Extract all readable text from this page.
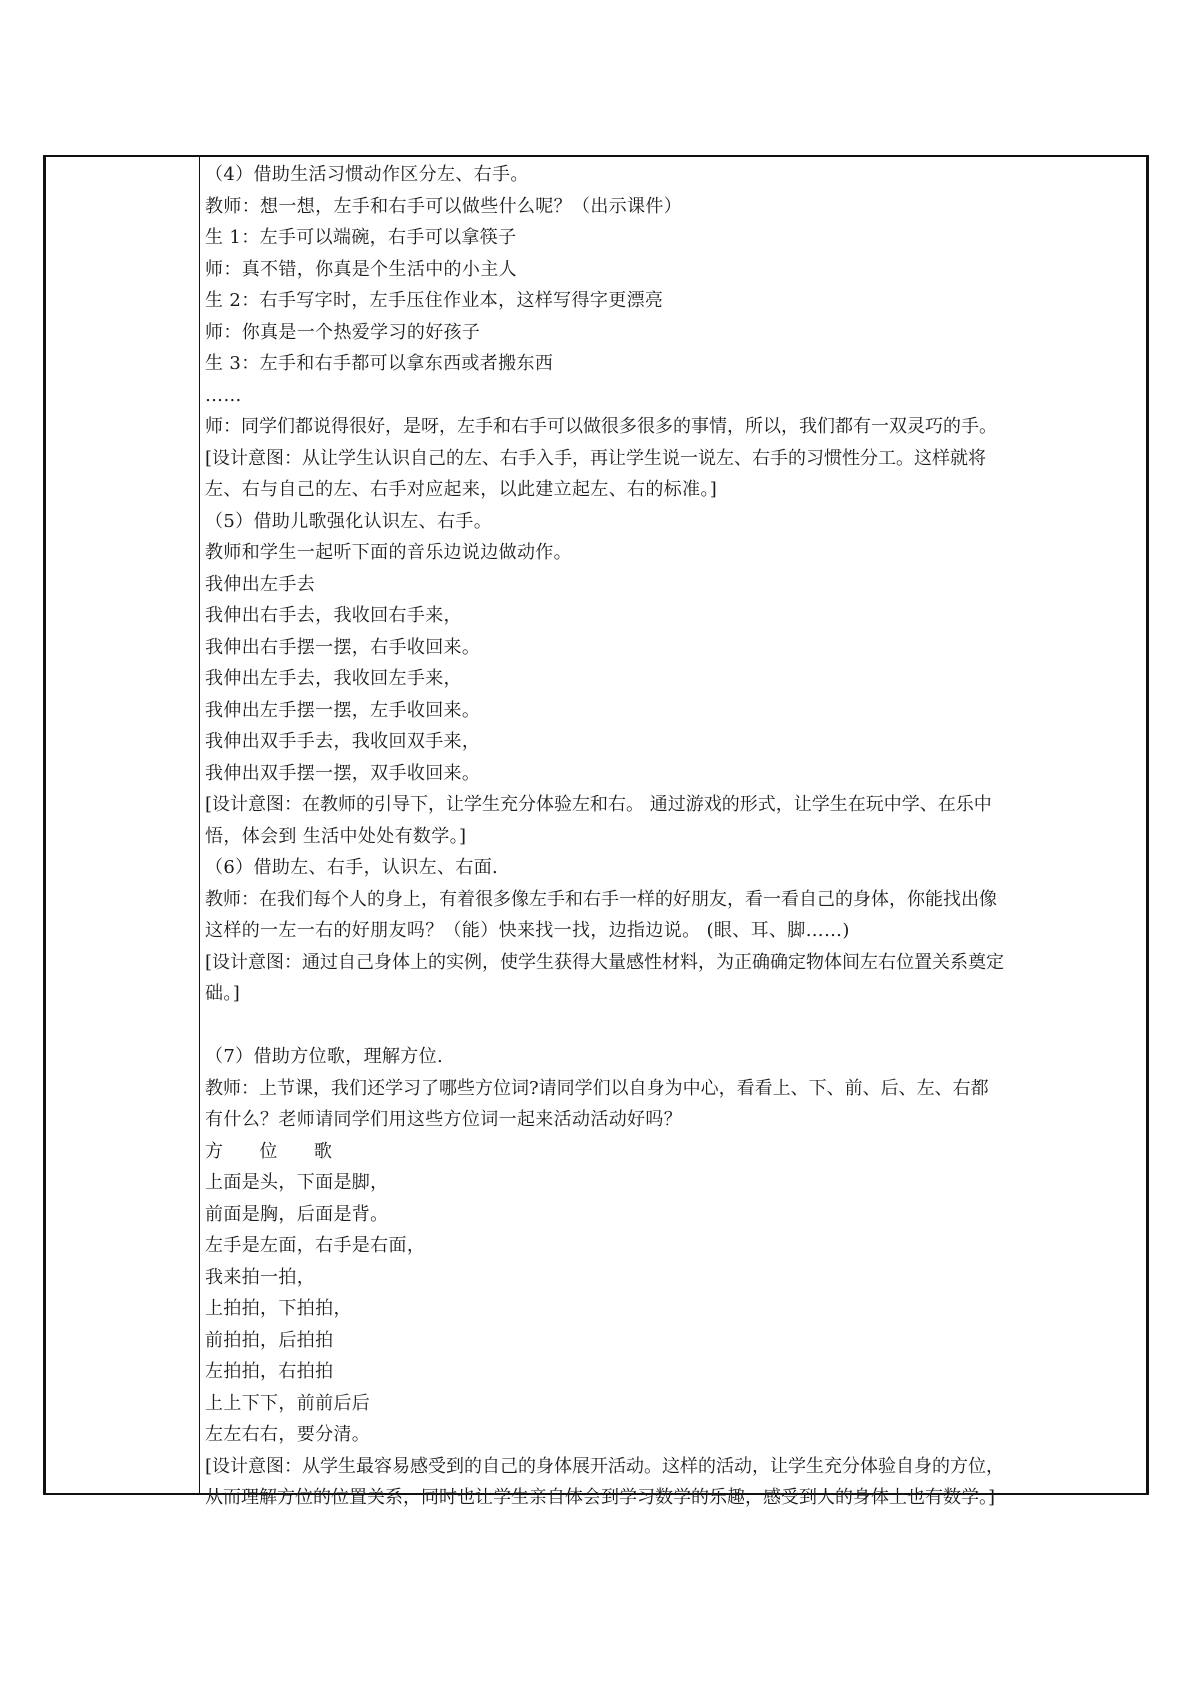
（4）借助生活习惯动作区分左、右手。
教师：想一想，左手和右手可以做些什么呢？（出示课件）
生 1：左手可以端碗，右手可以拿筷子
师：真不错，你真是个生活中的小主人
生 2：右手写字时，左手压住作业本，这样写得字更漂亮
师：你真是一个热爱学习的好孩子
生 3：左手和右手都可以拿东西或者搬东西
……
师：同学们都说得很好，是呀，左手和右手可以做很多很多的事情，所以，我们都有一双灵巧的手。
[设计意图：从让学生认识自己的左、右手入手，再让学生说一说左、右手的习惯性分工。这样就将
左、右与自己的左、右手对应起来，以此建立起左、右的标准。]
（5）借助儿歌强化认识左、右手。
教师和学生一起听下面的音乐边说边做动作。
我伸出左手去
我伸出右手去，我收回右手来，
我伸出右手摆一摆，右手收回来。
我伸出左手去，我收回左手来，
我伸出左手摆一摆，左手收回来。
我伸出双手手去，我收回双手来，
我伸出双手摆一摆，双手收回来。
[设计意图：在教师的引导下，让学生充分体验左和右。 通过游戏的形式，让学生在玩中学、在乐中
悟，体会到 生活中处处有数学。]
（6）借助左、右手，认识左、右面.
教师：在我们每个人的身上，有着很多像左手和右手一样的好朋友，看一看自己的身体，你能找出像
这样的一左一右的好朋友吗？（能）快来找一找，边指边说。 (眼、耳、脚……)
[设计意图：通过自己身体上的实例，使学生获得大量感性材料，为正确确定物体间左右位置关系奠定
础。]
（7）借助方位歌，理解方位.
教师：上节课，我们还学习了哪些方位词?请同学们以自身为中心，看看上、下、前、后、左、右都
有什么？老师请同学们用这些方位词一起来活动活动好吗？
方 位 歌
上面是头，下面是脚，
前面是胸，后面是背。
左手是左面，右手是右面，
我来拍一拍，
上拍拍，下拍拍，
前拍拍，后拍拍
左拍拍，右拍拍
上上下下，前前后后
左左右右，要分清。
[设计意图：从学生最容易感受到的自己的身体展开活动。这样的活动，让学生充分体验自身的方位，
从而理解方位的位置关系，同时也让学生亲自体会到学习数学的乐趣，感受到人的身体上也有数学。]
